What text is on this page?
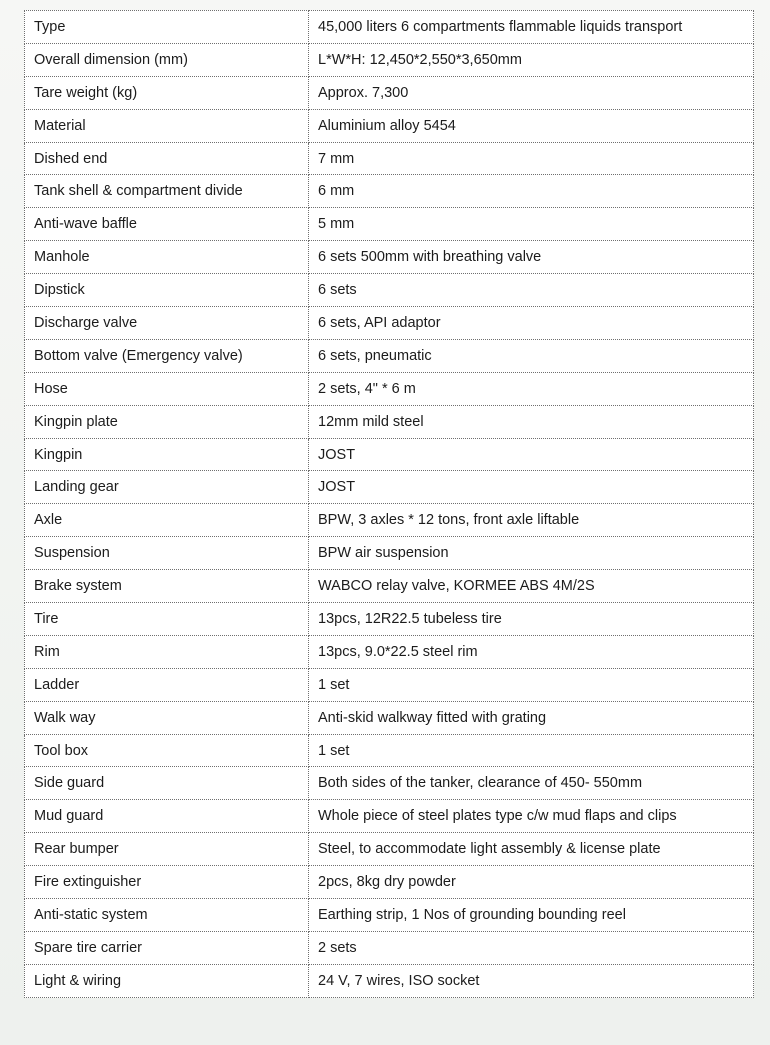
Type	45,000 liters 6 compartments flammable liquids transport
Overall dimension (mm)	L*W*H: 12,450*2,550*3,650mm
Tare weight (kg)	Approx. 7,300
Material	Aluminium alloy 5454
Dished end	7 mm
Tank shell & compartment divide	6 mm
Anti-wave baffle	5 mm
Manhole	6 sets 500mm with breathing valve
Dipstick	6 sets
Discharge valve	6 sets, API adaptor
Bottom valve (Emergency valve)	6 sets, pneumatic
Hose	2 sets, 4" * 6 m
Kingpin plate	12mm mild steel
Kingpin	JOST
Landing gear	JOST
Axle	BPW, 3 axles * 12 tons, front axle liftable
Suspension	BPW air suspension
Brake system	WABCO relay valve, KORMEE ABS 4M/2S
Tire	13pcs, 12R22.5 tubeless tire
Rim	13pcs, 9.0*22.5 steel rim
Ladder	1 set
Walk way	Anti-skid walkway fitted with grating
Tool box	1 set
Side guard	Both sides of the tanker, clearance of 450- 550mm
Mud guard	Whole piece of steel plates type c/w mud flaps and clips
Rear bumper	Steel, to accommodate light assembly & license plate
Fire extinguisher	2pcs, 8kg dry powder
Anti-static system	Earthing strip, 1 Nos of grounding bounding reel
Spare tire carrier	2 sets
Light & wiring	24 V, 7 wires, ISO socket
